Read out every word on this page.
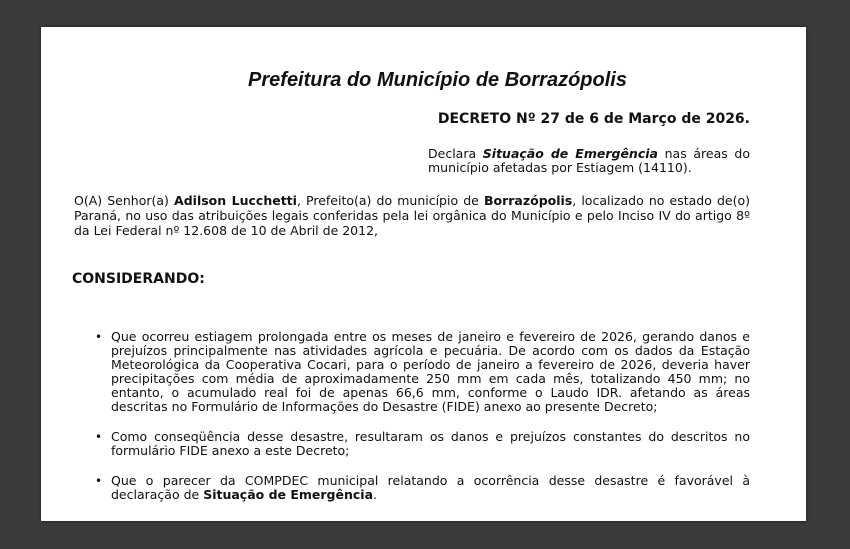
Prefeitura do Município de Borrazópolis

DECRETO Nº 27 de 6 de Março de 2026.

Declara Situação de Emergência nas áreas do município afetadas por Estiagem (14110).

O(A) Senhor(a) Adilson Lucchetti, Prefeito(a) do município de Borrazópolis, localizado no estado de(o) Paraná, no uso das atribuições legais conferidas pela lei orgânica do Município e pelo Inciso IV do artigo 8º da Lei Federal nº 12.608 de 10 de Abril de 2012,

CONSIDERANDO:

• Que ocorreu estiagem prolongada entre os meses de janeiro e fevereiro de 2026, gerando danos e prejuízos principalmente nas atividades agrícola e pecuária. De acordo com os dados da Estação Meteorológica da Cooperativa Cocari, para o período de janeiro a fevereiro de 2026, deveria haver precipitações com média de aproximadamente 250 mm em cada mês, totalizando 450 mm; no entanto, o acumulado real foi de apenas 66,6 mm, conforme o Laudo IDR. afetando as áreas descritas no Formulário de Informações do Desastre (FIDE) anexo ao presente Decreto;
• Como conseqüência desse desastre, resultaram os danos e prejuízos constantes do descritos no formulário FIDE anexo a este Decreto;
• Que o parecer da COMPDEC municipal relatando a ocorrência desse desastre é favorável à declaração de Situação de Emergência.
